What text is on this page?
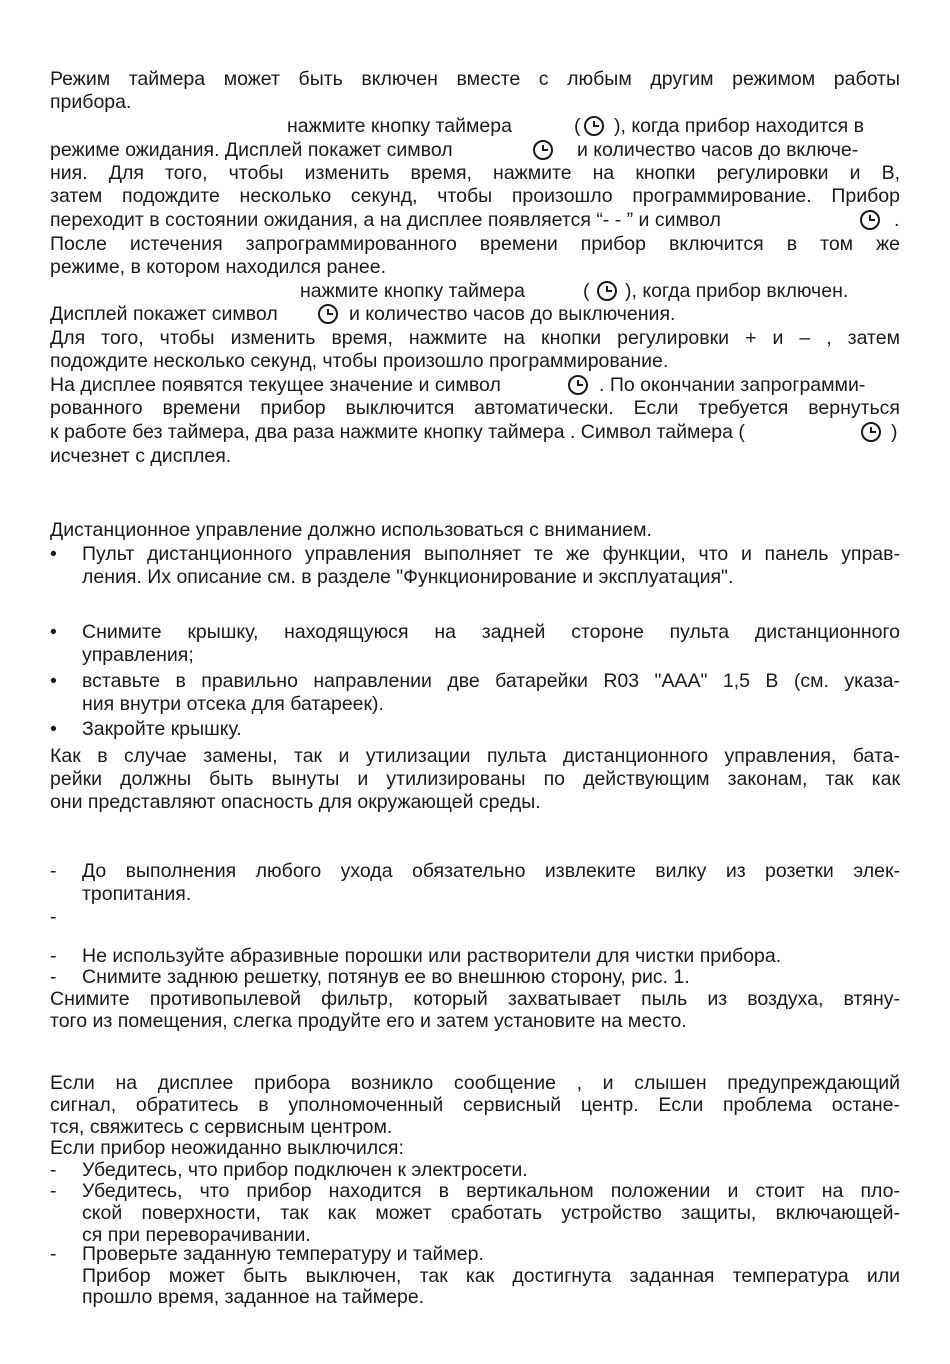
Режим таймера может быть включен вместе с любым другим режимом работы
прибора.
нажмите кнопку таймера	( ), когда прибор находится в
режиме ожидания. Дисплей покажет символ	и количество часов до включе-
ния. Для того, чтобы изменить время, нажмите на кнопки регулировки и В,
затем подождите несколько секунд, чтобы произошло программирование. Прибор
переходит в состоянии ожидания, а на дисплее появляется “- - ” и символ	.
После истечения запрограммированного времени прибор включится в том же
режиме, в котором находился ранее.
нажмите кнопку таймера	( ), когда прибор включен.
Дисплей покажет символ	и количество часов до выключения.
Для того, чтобы изменить время, нажмите на кнопки регулировки + и – , затем
подождите несколько секунд, чтобы произошло программирование.
На дисплее появятся текущее значение и символ	. По окончании запрограмми-
рованного времени прибор выключится автоматически. Если требуется вернуться
к работе без таймера, два раза нажмите кнопку таймера . Символ таймера (	)
исчезнет с дисплея.
Дистанционное управление должно использоваться с вниманием.
• Пульт дистанционного управления выполняет те же функции, что и панель управ-
ления. Их описание см. в разделе "Функционирование и эксплуатация".
• Снимите крышку, находящуюся на задней стороне пульта дистанционного
управления;
• вставьте в правильно направлении две батарейки R03 "AAA" 1,5 В (см. указа-
ния внутри отсека для батареек).
• Закройте крышку.
Как в случае замены, так и утилизации пульта дистанционного управления, бата-
рейки должны быть вынуты и утилизированы по действующим законам, так как
они представляют опасность для окружающей среды.
- До выполнения любого ухода обязательно извлеките вилку из розетки элек-
тропитания.
-
- Не используйте абразивные порошки или растворители для чистки прибора.
- Снимите заднюю решетку, потянув ее во внешнюю сторону, рис. 1.
Снимите противопылевой фильтр, который захватывает пыль из воздуха, втяну-
того из помещения, слегка продуйте его и затем установите на место.
Если на дисплее прибора возникло сообщение , и слышен предупреждающий
сигнал, обратитесь в уполномоченный сервисный центр. Если проблема остане-
тся, свяжитесь с сервисным центром.
Если прибор неожиданно выключился:
- Убедитесь, что прибор подключен к электросети.
- Убедитесь, что прибор находится в вертикальном положении и стоит на пло-
ской поверхности, так как может сработать устройство защиты, включающей-
ся при переворачивании.
- Проверьте заданную температуру и таймер.
Прибор может быть выключен, так как достигнута заданная температура или
прошло время, заданное на таймере.
